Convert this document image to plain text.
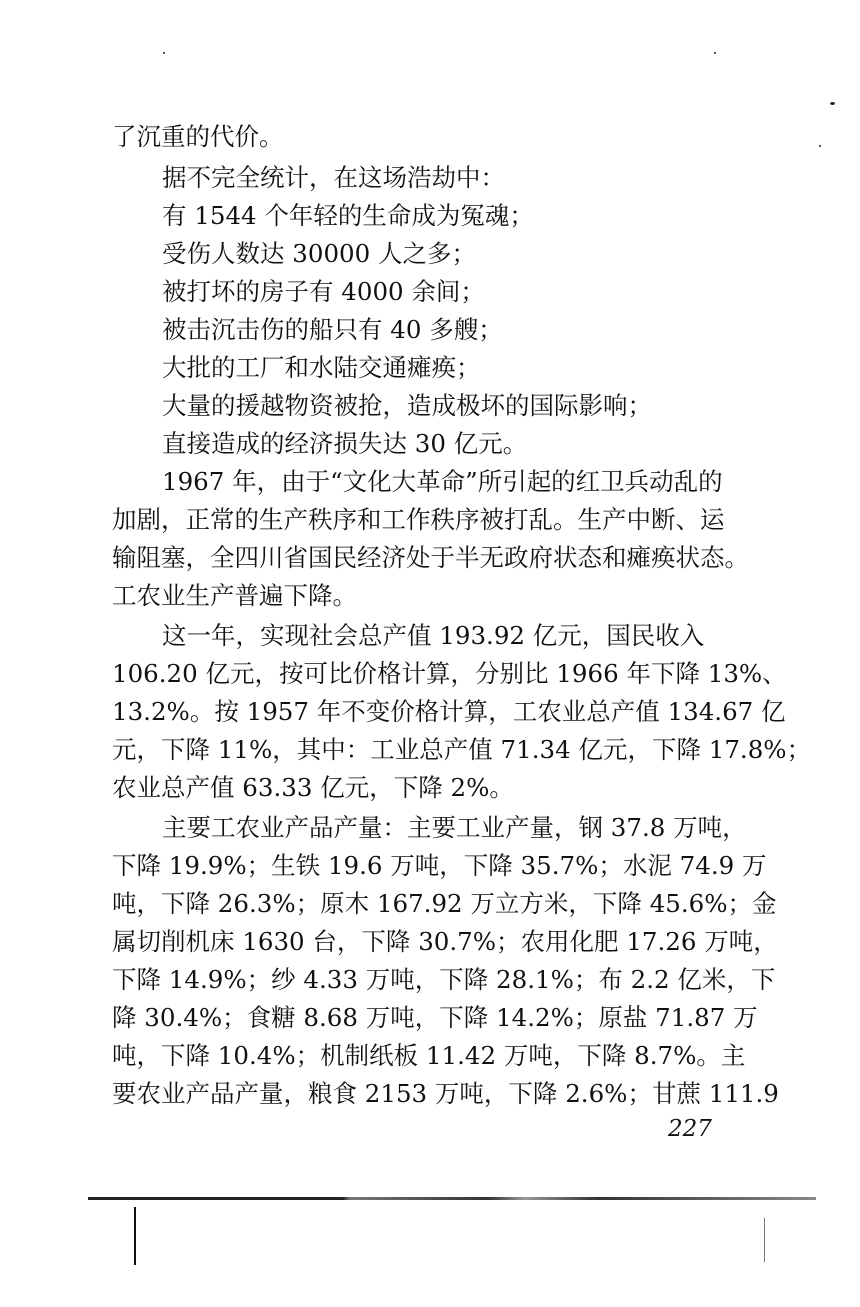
了沉重的代价。
据不完全统计，在这场浩劫中：
有 1544 个年轻的生命成为冤魂；
受伤人数达 30000 人之多；
被打坏的房子有 4000 余间；
被击沉击伤的船只有 40 多艘；
大批的工厂和水陆交通瘫痪；
大量的援越物资被抢，造成极坏的国际影响；
直接造成的经济损失达 30 亿元。
1967 年，由于“文化大革命”所引起的红卫兵动乱的
加剧，正常的生产秩序和工作秩序被打乱。生产中断、运
输阻塞，全四川省国民经济处于半无政府状态和瘫痪状态。
工农业生产普遍下降。
这一年，实现社会总产值 193.92 亿元，国民收入
106.20 亿元，按可比价格计算，分别比 1966 年下降 13%、
13.2%。按 1957 年不变价格计算，工农业总产值 134.67 亿
元，下降 11%，其中：工业总产值 71.34 亿元，下降 17.8%；
农业总产值 63.33 亿元，下降 2%。
主要工农业产品产量：主要工业产量，钢 37.8 万吨，
下降 19.9%；生铁 19.6 万吨，下降 35.7%；水泥 74.9 万
吨，下降 26.3%；原木 167.92 万立方米，下降 45.6%；金
属切削机床 1630 台，下降 30.7%；农用化肥 17.26 万吨，
下降 14.9%；纱 4.33 万吨，下降 28.1%；布 2.2 亿米，下
降 30.4%；食糖 8.68 万吨，下降 14.2%；原盐 71.87 万
吨，下降 10.4%；机制纸板 11.42 万吨，下降 8.7%。主
要农业产品产量，粮食 2153 万吨，下降 2.6%；甘蔗 111.9
227
